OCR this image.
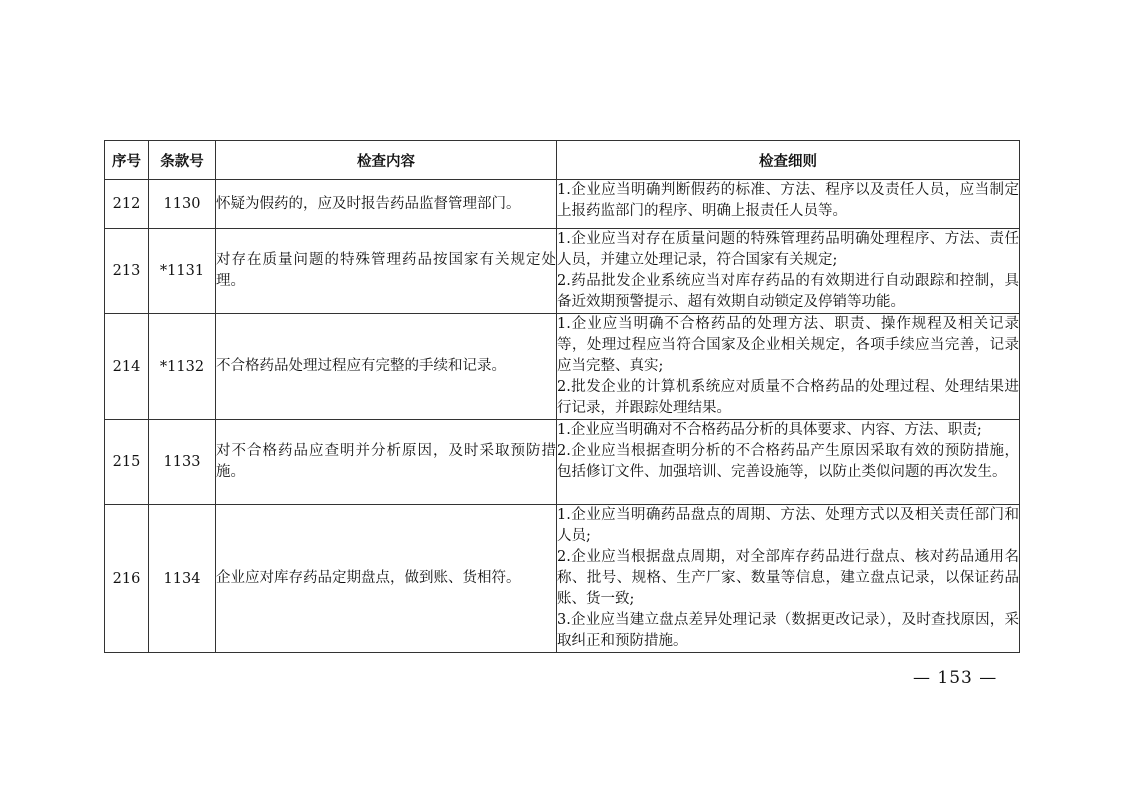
序号	条款号	检查内容	检查细则
212	1130	怀疑为假药的，应及时报告药品监督管理部门。	1.企业应当明确判断假药的标准、方法、程序以及责任人员，应当制定上报药监部门的程序、明确上报责任人员等。

213	*1131	对存在质量问题的特殊管理药品按国家有关规定处理。	1.企业应当对存在质量问题的特殊管理药品明确处理程序、方法、责任人员，并建立处理记录，符合国家有关规定;
2.药品批发企业系统应当对库存药品的有效期进行自动跟踪和控制，具备近效期预警提示、超有效期自动锁定及停销等功能。

214	*1132	不合格药品处理过程应有完整的手续和记录。	1.企业应当明确不合格药品的处理方法、职责、操作规程及相关记录等，处理过程应当符合国家及企业相关规定，各项手续应当完善，记录应当完整、真实;
2.批发企业的计算机系统应对质量不合格药品的处理过程、处理结果进行记录，并跟踪处理结果。

215	1133	对不合格药品应查明并分析原因，及时采取预防措施。	1.企业应当明确对不合格药品分析的具体要求、内容、方法、职责;
2.企业应当根据查明分析的不合格药品产生原因采取有效的预防措施，包括修订文件、加强培训、完善设施等，以防止类似问题的再次发生。

216	1134	企业应对库存药品定期盘点，做到账、货相符。	1.企业应当明确药品盘点的周期、方法、处理方式以及相关责任部门和人员;
2.企业应当根据盘点周期，对全部库存药品进行盘点、核对药品通用名称、批号、规格、生产厂家、数量等信息，建立盘点记录，以保证药品账、货一致;
3.企业应当建立盘点差异处理记录（数据更改记录），及时查找原因，采取纠正和预防措施。
— 153 —
